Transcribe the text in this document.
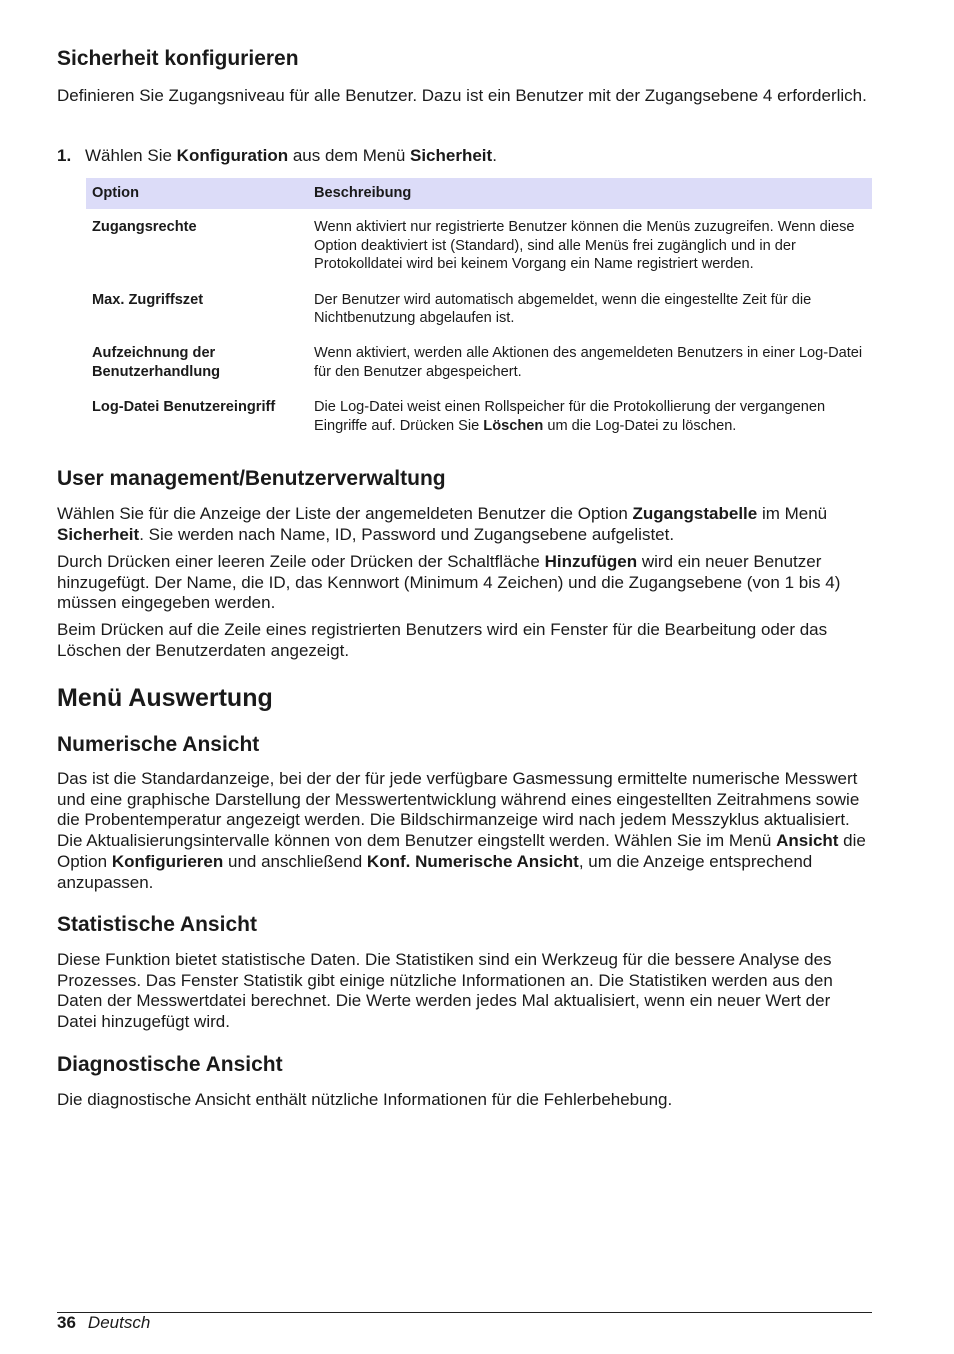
Sicherheit konfigurieren

Definieren Sie Zugangsniveau für alle Benutzer. Dazu ist ein Benutzer mit der Zugangsebene 4 erforderlich.

1. Wählen Sie Konfiguration aus dem Menü Sicherheit.
Option	Beschreibung
Zugangsrechte	Wenn aktiviert nur registrierte Benutzer können die Menüs zuzugreifen. Wenn diese Option deaktiviert ist (Standard), sind alle Menüs frei zugänglich und in der Protokolldatei wird bei keinem Vorgang ein Name registriert werden.
Max. Zugriffszet	Der Benutzer wird automatisch abgemeldet, wenn die eingestellte Zeit für die Nichtbenutzung abgelaufen ist.
Aufzeichnung der Benutzerhandlung	Wenn aktiviert, werden alle Aktionen des angemeldeten Benutzers in einer Log-Datei für den Benutzer abgespeichert.
Log-Datei Benutzereingriff	Die Log-Datei weist einen Rollspeicher für die Protokollierung der vergangenen Eingriffe auf. Drücken Sie Löschen um die Log-Datei zu löschen.
User management/Benutzerverwaltung

Wählen Sie für die Anzeige der Liste der angemeldeten Benutzer die Option Zugangstabelle im Menü Sicherheit. Sie werden nach Name, ID, Password und Zugangsebene aufgelistet.

Durch Drücken einer leeren Zeile oder Drücken der Schaltfläche Hinzufügen wird ein neuer Benutzer hinzugefügt. Der Name, die ID, das Kennwort (Minimum 4 Zeichen) und die Zugangsebene (von 1 bis 4) müssen eingegeben werden.

Beim Drücken auf die Zeile eines registrierten Benutzers wird ein Fenster für die Bearbeitung oder das Löschen der Benutzerdaten angezeigt.

Menü Auswertung
Numerische Ansicht

Das ist die Standardanzeige, bei der der für jede verfügbare Gasmessung ermittelte numerische Messwert und eine graphische Darstellung der Messwertentwicklung während eines eingestellten Zeitrahmens sowie die Probentemperatur angezeigt werden. Die Bildschirmanzeige wird nach jedem Messzyklus aktualisiert. Die Aktualisierungsintervalle können von dem Benutzer eingstellt werden. Wählen Sie im Menü Ansicht die Option Konfigurieren und anschließend Konf. Numerische Ansicht, um die Anzeige entsprechend anzupassen.

Statistische Ansicht

Diese Funktion bietet statistische Daten. Die Statistiken sind ein Werkzeug für die bessere Analyse des Prozesses. Das Fenster Statistik gibt einige nützliche Informationen an. Die Statistiken werden aus den Daten der Messwertdatei berechnet. Die Werte werden jedes Mal aktualisiert, wenn ein neuer Wert der Datei hinzugefügt wird.

Diagnostische Ansicht

Die diagnostische Ansicht enthält nützliche Informationen für die Fehlerbehebung.

36 Deutsch
